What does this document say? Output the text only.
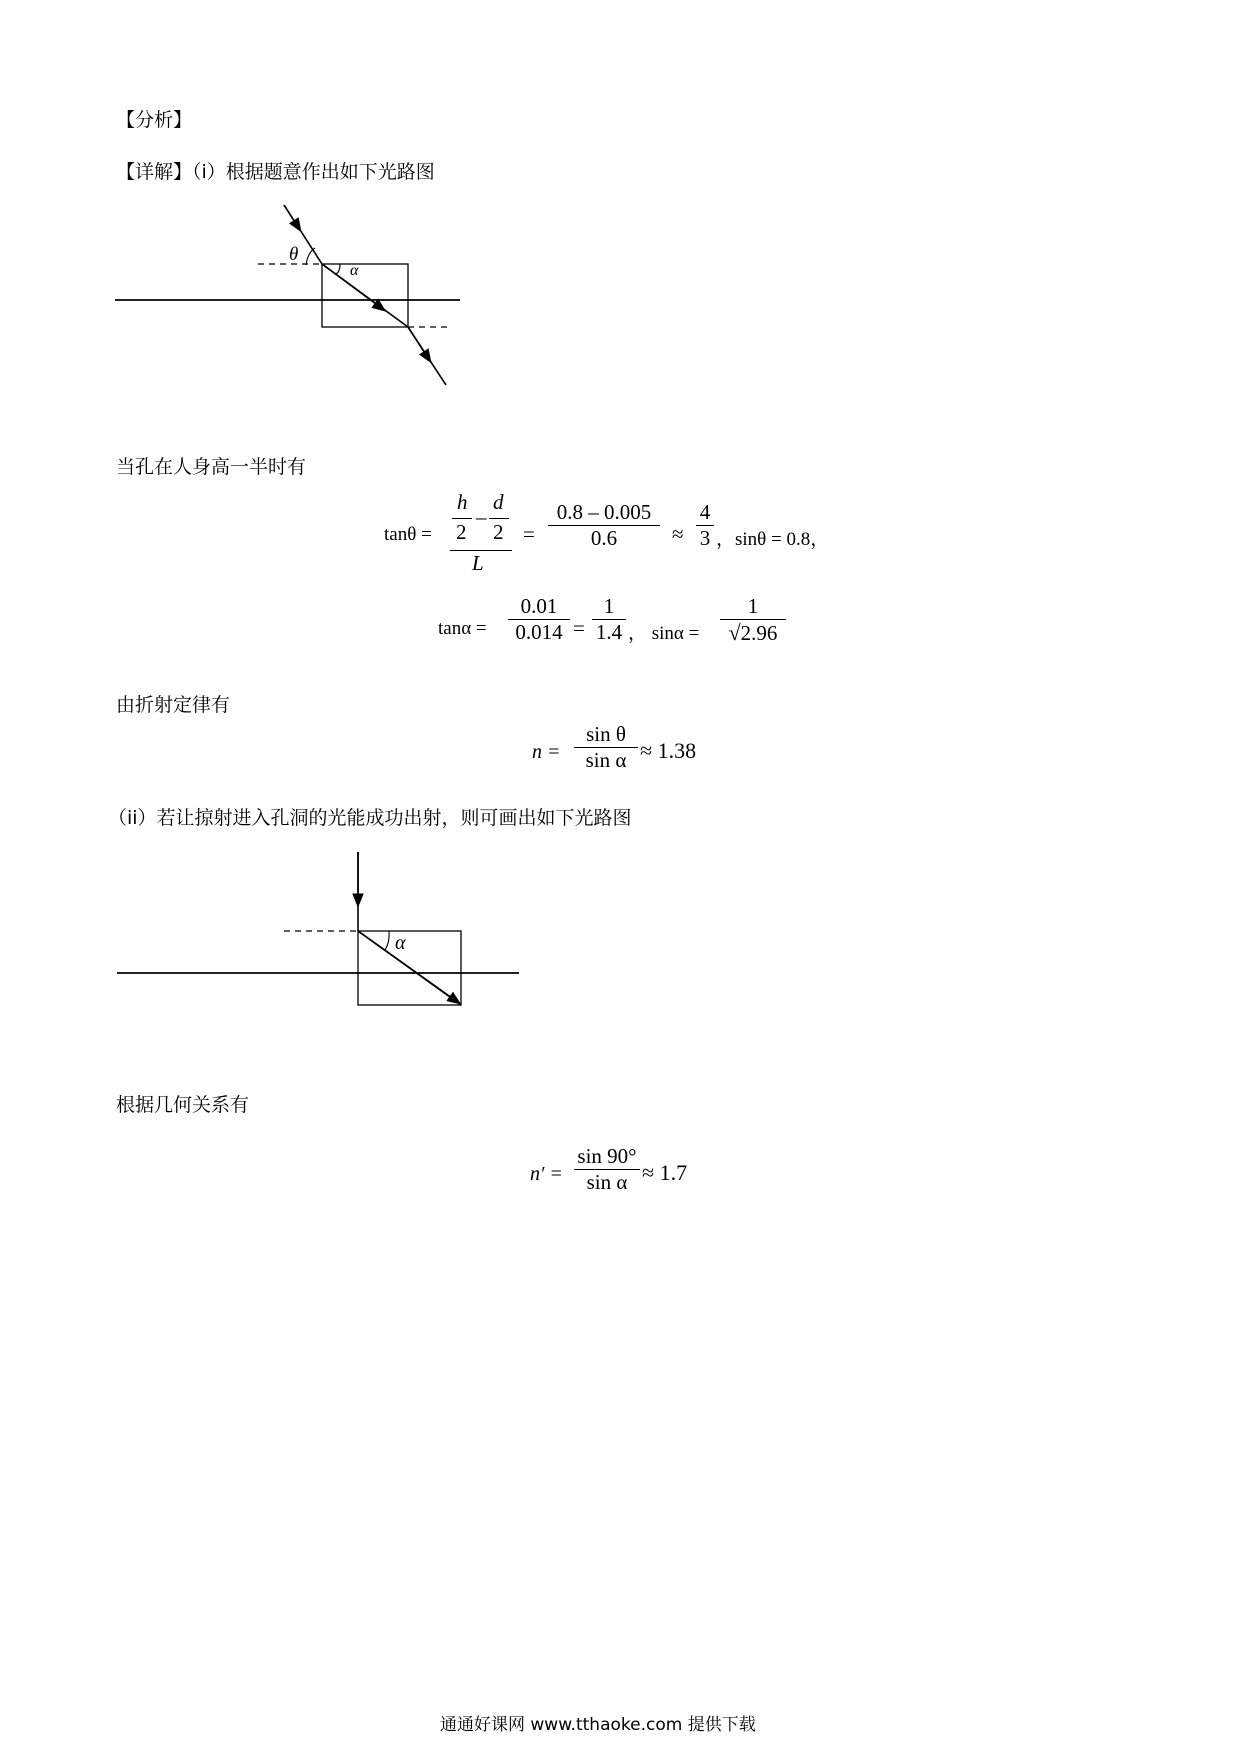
【分析】
【详解】（i）根据题意作出如下光路图
θ
α
当孔在人身高一半时有
tanθ =
h
2
–
d
2
L
=
0.8 – 0.005
0.6	≈
4
3 ，sinθ = 0.8，
tanα =
0.01
0.014 =
1
1.4 ， sinα =
1
√2.96
由折射定律有
n =
sin θ
sin α ≈ 1.38
（ii）若让掠射进入孔洞的光能成功出射，则可画出如下光路图
α
根据几何关系有
n′ =
sin 90°
sin α ≈ 1.7
通通好课网 www.tthaoke.com 提供下载
